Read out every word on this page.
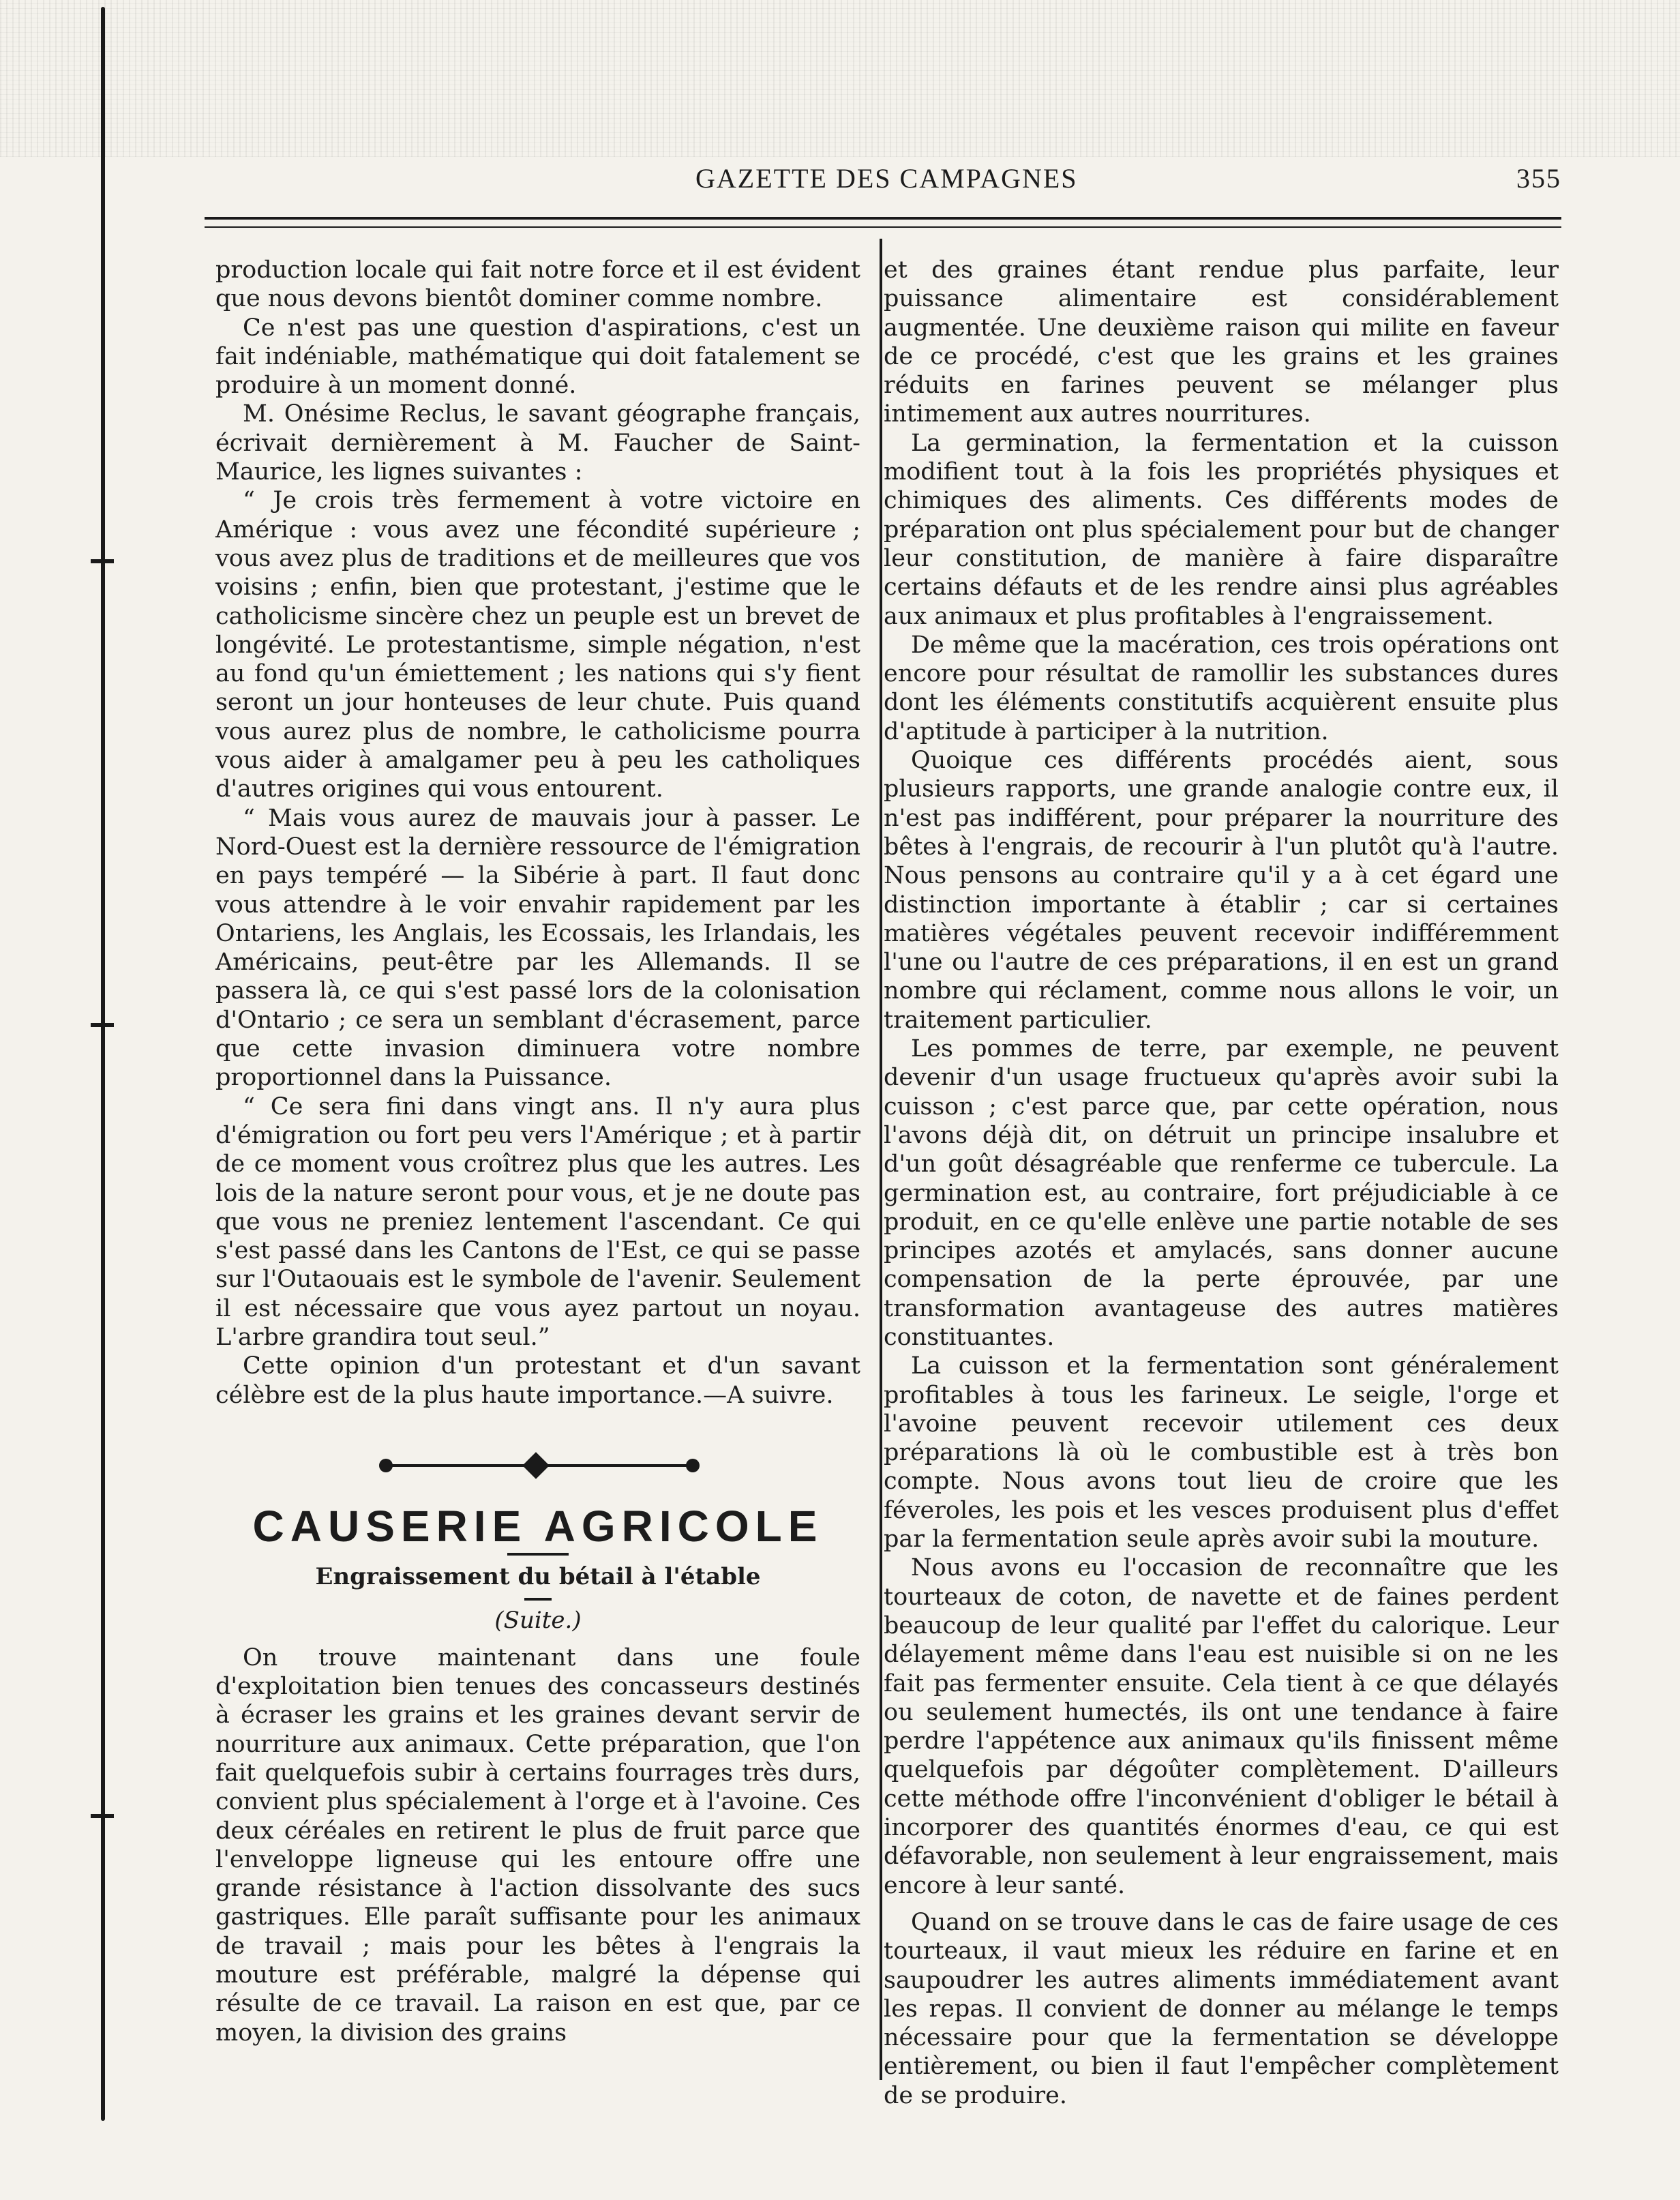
GAZETTE DES CAMPAGNES	355

production locale qui fait notre force et il est évident que nous devons bientôt dominer comme nombre.

Ce n'est pas une question d'aspirations, c'est un fait indéniable, mathématique qui doit fatalement se produire à un moment donné.

M. Onésime Reclus, le savant géographe français, écrivait dernièrement à M. Faucher de Saint-Maurice, les lignes suivantes :

“ Je crois très fermement à votre victoire en Amérique : vous avez une fécondité supérieure ; vous avez plus de traditions et de meilleures que vos voisins ; enfin, bien que protestant, j'estime que le catholicisme sincère chez un peuple est un brevet de longévité. Le protestantisme, simple négation, n'est au fond qu'un émiettement ; les nations qui s'y fient seront un jour honteuses de leur chute. Puis quand vous aurez plus de nombre, le catholicisme pourra vous aider à amalgamer peu à peu les catholiques d'autres origines qui vous entourent.

“ Mais vous aurez de mauvais jour à passer. Le Nord-Ouest est la dernière ressource de l'émigration en pays tempéré — la Sibérie à part. Il faut donc vous attendre à le voir envahir rapidement par les Ontariens, les Anglais, les Ecossais, les Irlandais, les Américains, peut-être par les Allemands. Il se passera là, ce qui s'est passé lors de la colonisation d'Ontario ; ce sera un semblant d'écrasement, parce que cette invasion diminuera votre nombre proportionnel dans la Puissance.

“ Ce sera fini dans vingt ans. Il n'y aura plus d'émigration ou fort peu vers l'Amérique ; et à partir de ce moment vous croîtrez plus que les autres. Les lois de la nature seront pour vous, et je ne doute pas que vous ne preniez lentement l'ascendant. Ce qui s'est passé dans les Cantons de l'Est, ce qui se passe sur l'Outaouais est le symbole de l'avenir. Seulement il est nécessaire que vous ayez partout un noyau. L'arbre grandira tout seul.”

Cette opinion d'un protestant et d'un savant célèbre est de la plus haute importance.—A suivre.

CAUSERIE AGRICOLE
Engraissement du bétail à l'étable
(Suite.)

On trouve maintenant dans une foule d'exploitation bien tenues des concasseurs destinés à écraser les grains et les graines devant servir de nourriture aux animaux. Cette préparation, que l'on fait quelquefois subir à certains fourrages très durs, convient plus spécialement à l'orge et à l'avoine. Ces deux céréales en retirent le plus de fruit parce que l'enveloppe ligneuse qui les entoure offre une grande résistance à l'action dissolvante des sucs gastriques. Elle paraît suffisante pour les animaux de travail ; mais pour les bêtes à l'engrais la mouture est préférable, malgré la dépense qui résulte de ce travail. La raison en est que, par ce moyen, la division des grains

et des graines étant rendue plus parfaite, leur puissance alimentaire est considérablement augmentée. Une deuxième raison qui milite en faveur de ce procédé, c'est que les grains et les graines réduits en farines peuvent se mélanger plus intimement aux autres nourritures.

La germination, la fermentation et la cuisson modifient tout à la fois les propriétés physiques et chimiques des aliments. Ces différents modes de préparation ont plus spécialement pour but de changer leur constitution, de manière à faire disparaître certains défauts et de les rendre ainsi plus agréables aux animaux et plus profitables à l'engraissement.

De même que la macération, ces trois opérations ont encore pour résultat de ramollir les substances dures dont les éléments constitutifs acquièrent ensuite plus d'aptitude à participer à la nutrition.

Quoique ces différents procédés aient, sous plusieurs rapports, une grande analogie contre eux, il n'est pas indifférent, pour préparer la nourriture des bêtes à l'engrais, de recourir à l'un plutôt qu'à l'autre. Nous pensons au contraire qu'il y a à cet égard une distinction importante à établir ; car si certaines matières végétales peuvent recevoir indifféremment l'une ou l'autre de ces préparations, il en est un grand nombre qui réclament, comme nous allons le voir, un traitement particulier.

Les pommes de terre, par exemple, ne peuvent devenir d'un usage fructueux qu'après avoir subi la cuisson ; c'est parce que, par cette opération, nous l'avons déjà dit, on détruit un principe insalubre et d'un goût désagréable que renferme ce tubercule. La germination est, au contraire, fort préjudiciable à ce produit, en ce qu'elle enlève une partie notable de ses principes azotés et amylacés, sans donner aucune compensation de la perte éprouvée, par une transformation avantageuse des autres matières constituantes.

La cuisson et la fermentation sont généralement profitables à tous les farineux. Le seigle, l'orge et l'avoine peuvent recevoir utilement ces deux préparations là où le combustible est à très bon compte. Nous avons tout lieu de croire que les féveroles, les pois et les vesces produisent plus d'effet par la fermentation seule après avoir subi la mouture.

Nous avons eu l'occasion de reconnaître que les tourteaux de coton, de navette et de faines perdent beaucoup de leur qualité par l'effet du calorique. Leur délayement même dans l'eau est nuisible si on ne les fait pas fermenter ensuite. Cela tient à ce que délayés ou seulement humectés, ils ont une tendance à faire perdre l'appétence aux animaux qu'ils finissent même quelquefois par dégoûter complètement. D'ailleurs cette méthode offre l'inconvénient d'obliger le bétail à incorporer des quantités énormes d'eau, ce qui est défavorable, non seulement à leur engraissement, mais encore à leur santé.

Quand on se trouve dans le cas de faire usage de ces tourteaux, il vaut mieux les réduire en farine et en saupoudrer les autres aliments immédiatement avant les repas. Il convient de donner au mélange le temps nécessaire pour que la fermentation se développe entièrement, ou bien il faut l'empêcher complètement de se produire.
